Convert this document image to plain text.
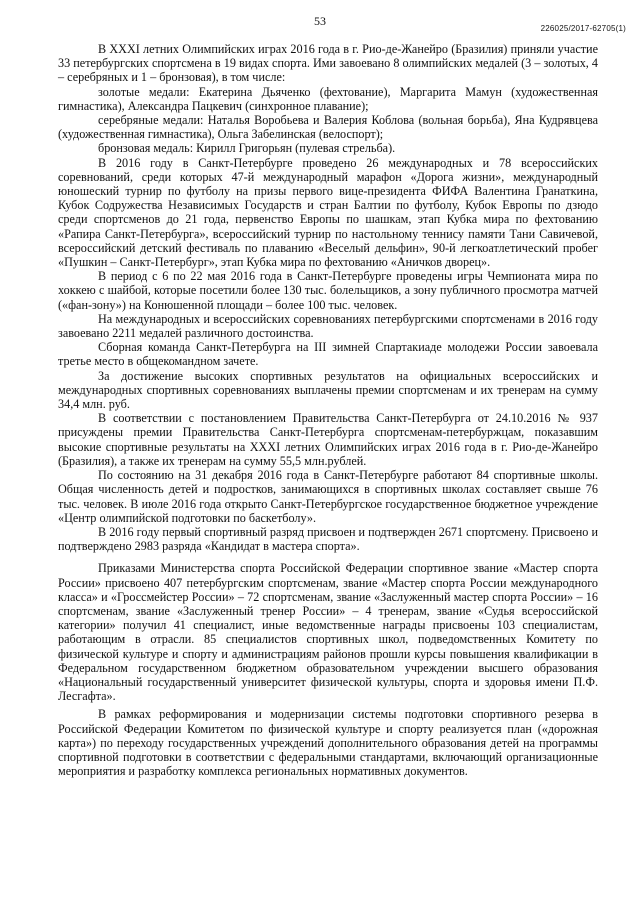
53
226025/2017-62705(1)

В XXXI летних Олимпийских играх 2016 года в г. Рио-де-Жанейро (Бразилия) приняли участие 33 петербургских спортсмена в 19 видах спорта. Ими завоевано 8 олимпийских медалей (3 – золотых, 4 – серебряных и 1 – бронзовая), в том числе:

золотые медали: Екатерина Дьяченко (фехтование), Маргарита Мамун (художественная гимнастика), Александра Пацкевич (синхронное плавание);

серебряные медали: Наталья Воробьева и Валерия Коблова (вольная борьба), Яна Кудрявцева (художественная гимнастика), Ольга Забелинская (велоспорт);

бронзовая медаль: Кирилл Григорьян (пулевая стрельба).

В 2016 году в Санкт-Петербурге проведено 26 международных и 78 всероссийских соревнований, среди которых 47-й международный марафон «Дорога жизни», международный юношеский турнир по футболу на призы первого вице-президента ФИФА Валентина Гранаткина, Кубок Содружества Независимых Государств и стран Балтии по футболу, Кубок Европы по дзюдо среди спортсменов до 21 года, первенство Европы по шашкам, этап Кубка мира по фехтованию «Рапира Санкт-Петербурга», всероссийский турнир по настольному теннису памяти Тани Савичевой, всероссийский детский фестиваль по плаванию «Веселый дельфин», 90-й легкоатлетический пробег «Пушкин – Санкт-Петербург», этап Кубка мира по фехтованию «Аничков дворец».

В период с 6 по 22 мая 2016 года в Санкт-Петербурге проведены игры Чемпионата мира по хоккею с шайбой, которые посетили более 130 тыс. болельщиков, а зону публичного просмотра матчей («фан-зону») на Конюшенной площади – более 100 тыс. человек.

На международных и всероссийских соревнованиях петербургскими спортсменами в 2016 году завоевано 2211 медалей различного достоинства.

Сборная команда Санкт-Петербурга на III зимней Спартакиаде молодежи России завоевала третье место в общекомандном зачете.

За достижение высоких спортивных результатов на официальных всероссийских и международных спортивных соревнованиях выплачены премии спортсменам и их тренерам на сумму 34,4 млн. руб.

В соответствии с постановлением Правительства Санкт-Петербурга от 24.10.2016 № 937 присуждены премии Правительства Санкт-Петербурга спортсменам-петербуржцам, показавшим высокие спортивные результаты на XXXI летних Олимпийских играх 2016 года в г. Рио-де-Жанейро (Бразилия), а также их тренерам на сумму 55,5 млн.рублей.

По состоянию на 31 декабря 2016 года в Санкт-Петербурге работают 84 спортивные школы. Общая численность детей и подростков, занимающихся в спортивных школах составляет свыше 76 тыс. человек. В июле 2016 года открыто Санкт-Петербургское государственное бюджетное учреждение «Центр олимпийской подготовки по баскетболу».

В 2016 году первый спортивный разряд присвоен и подтвержден 2671 спортсмену. Присвоено и подтверждено 2983 разряда «Кандидат в мастера спорта».

Приказами Министерства спорта Российской Федерации спортивное звание «Мастер спорта России» присвоено 407 петербургским спортсменам, звание «Мастер спорта России международного класса» и «Гроссмейстер России» – 72 спортсменам, звание «Заслуженный мастер спорта России» – 16 спортсменам, звание «Заслуженный тренер России» – 4 тренерам, звание «Судья всероссийской категории» получил 41 специалист, иные ведомственные награды присвоены 103 специалистам, работающим в отрасли. 85 специалистов спортивных школ, подведомственных Комитету по физической культуре и спорту и администрациям районов прошли курсы повышения квалификации в Федеральном государственном бюджетном образовательном учреждении высшего образования «Национальный государственный университет физической культуры, спорта и здоровья имени П.Ф. Лесгафта».

В рамках реформирования и модернизации системы подготовки спортивного резерва в Российской Федерации Комитетом по физической культуре и спорту реализуется план («дорожная карта») по переходу государственных учреждений дополнительного образования детей на программы спортивной подготовки в соответствии с федеральными стандартами, включающий организационные мероприятия и разработку комплекса региональных нормативных документов.
